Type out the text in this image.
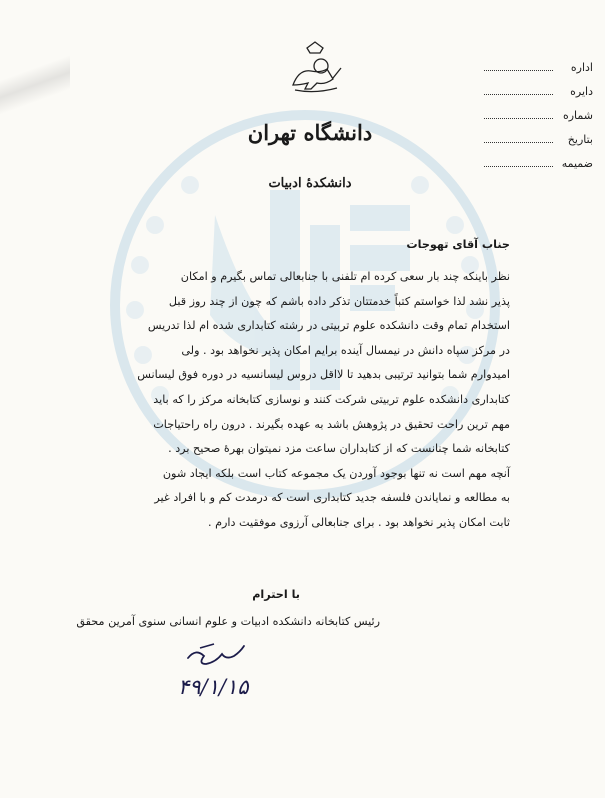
دانشگاه تهران
دانشکدۀ ادبیات
اداره
دایره
شماره
بتاریخ
ضمیمه
جناب آقای تهوجات

نظر باینکه چند بار سعی کرده ام تلفنی با جنابعالی تماس بگیرم و امکان

پذیر نشد لذا خواستم کتباً خدمتتان تذکر داده باشم که چون از چند روز قبل

استخدام تمام وقت دانشکده علوم تربیتی در رشته کتابداری شده ام لذا تدریس

در مرکز سپاه دانش در نیمسال آینده برایم امکان پذیر نخواهد بود . ولی

امیدوارم شما بتوانید ترتیبی بدهید تا لااقل دروس لیسانسیه در دوره فوق لیسانس

کتابداری دانشکده علوم تربیتی شرکت کنند و نوسازی کتابخانه مرکز را که باید

مهم ترین راحت تحقیق در پژوهش باشد به عهده بگیرند . درون راه راحتیاجات

کتابخانه شما چنانست که از کتابداران ساعت مزد نمیتوان بهرهٔ صحیح برد .

آنچه مهم است نه تنها بوجود آوردن یک مجموعه کتاب است بلکه ایجاد شون

به مطالعه و نمایاندن فلسفه جدید کتابداری است که درمدت کم و با افراد غیر

ثابت امکان پذیر نخواهد بود . برای جنابعالی آرزوی موفقیت دارم .

با احترام
رئیس کتابخانه دانشکده ادبیات و علوم انسانی سنوی آمرین محقق
۴۹/۱/۱۵
